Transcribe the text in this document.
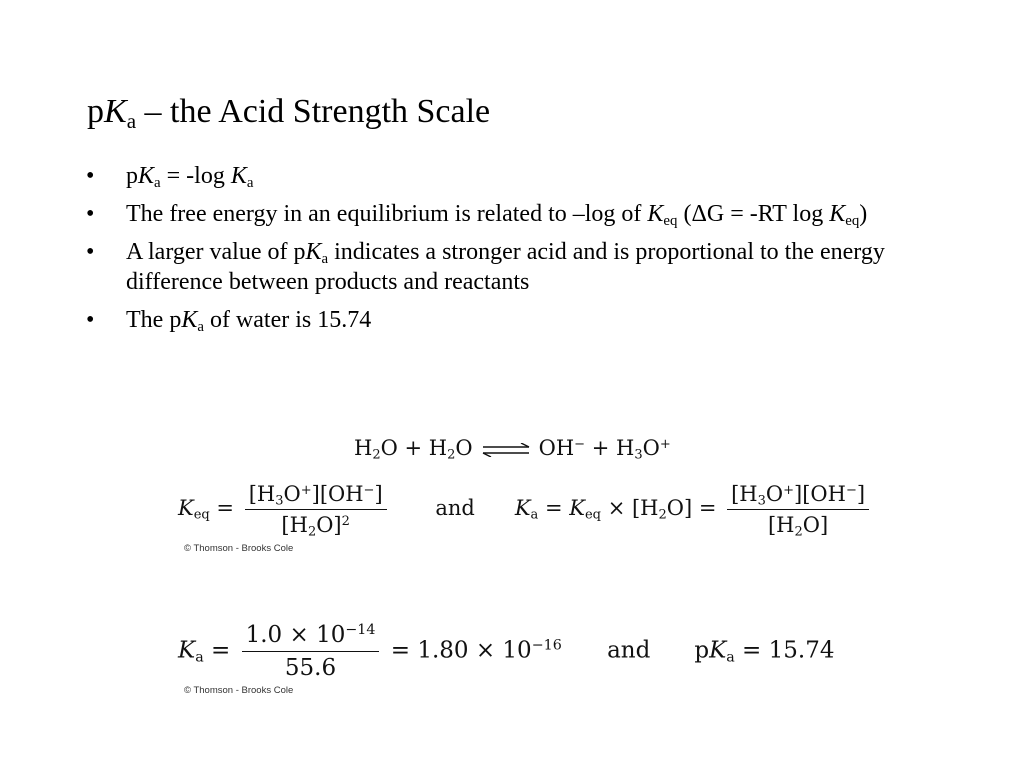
$pK_a$ – the Acid Strength Scale
• $pK_a = -\log$ $K_a$
• The free energy in an equilibrium is related to –log of $K_{eq}$ (ΔG = -RT $\log K_{eq}$)
• A larger value of $pK_a$ indicates a stronger acid and is proportional to the energy difference between products and reactants
• The $pK_a$ of water is 15.74
$H_2O + H_2O$ ⇌ $OH^- + H_3O^+$
$K_{eq} = \frac{[H_3O^+][OH^-]}{[H_2O]^2}$ and $K_a = K_{eq} \times [H_2O] = \frac{[H_3O^+][OH^-]}{[H_2O]}$
© Thomson - Brooks Cole
$K_a = \frac{1.0 \times 10^{-14}}{55.6} = 1.80 \times 10^{-16}$ and $pK_a = 15.74$
© Thomson - Brooks Cole
